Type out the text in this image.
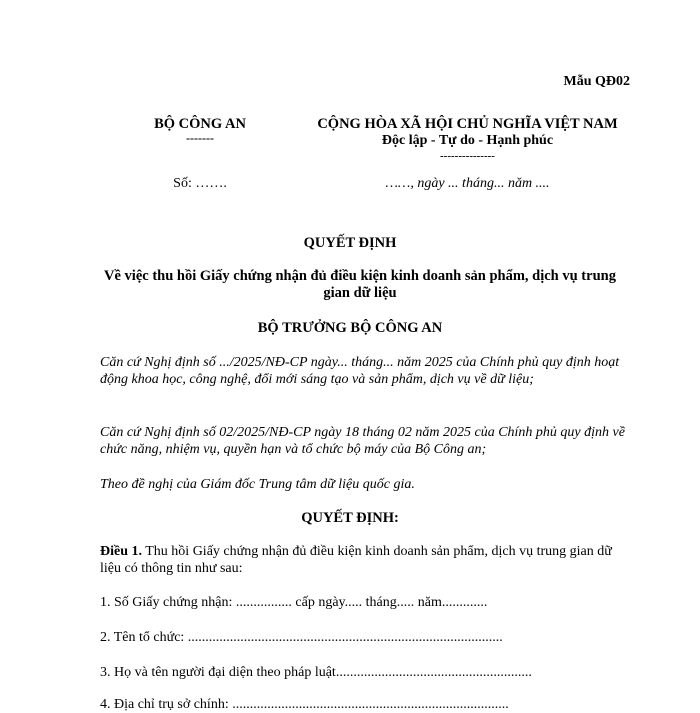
Mẫu QĐ02
BỘ CÔNG AN
-------
CỘNG HÒA XÃ HỘI CHỦ NGHĨA VIỆT NAM
Độc lập - Tự do - Hạnh phúc
---------------
Số: …….	……, ngày ... tháng... năm ....
QUYẾT ĐỊNH
Về việc thu hồi Giấy chứng nhận đủ điều kiện kinh doanh sản phẩm, dịch vụ trung gian dữ liệu
BỘ TRƯỞNG BỘ CÔNG AN
Căn cứ Nghị định số .../2025/NĐ-CP ngày... tháng... năm 2025 của Chính phủ quy định hoạt động khoa học, công nghệ, đổi mới sáng tạo và sản phẩm, dịch vụ về dữ liệu;
Căn cứ Nghị định số 02/2025/NĐ-CP ngày 18 tháng 02 năm 2025 của Chính phủ quy định về chức năng, nhiệm vụ, quyền hạn và tổ chức bộ máy của Bộ Công an;
Theo đề nghị của Giám đốc Trung tâm dữ liệu quốc gia.
QUYẾT ĐỊNH:
Điều 1. Thu hồi Giấy chứng nhận đủ điều kiện kinh doanh sản phẩm, dịch vụ trung gian dữ liệu có thông tin như sau:
1. Số Giấy chứng nhận: ................ cấp ngày..... tháng..... năm.............
2. Tên tổ chức: ..........................................................................................
3. Họ và tên người đại diện theo pháp luật........................................................
4. Địa chỉ trụ sở chính: ...............................................................................
